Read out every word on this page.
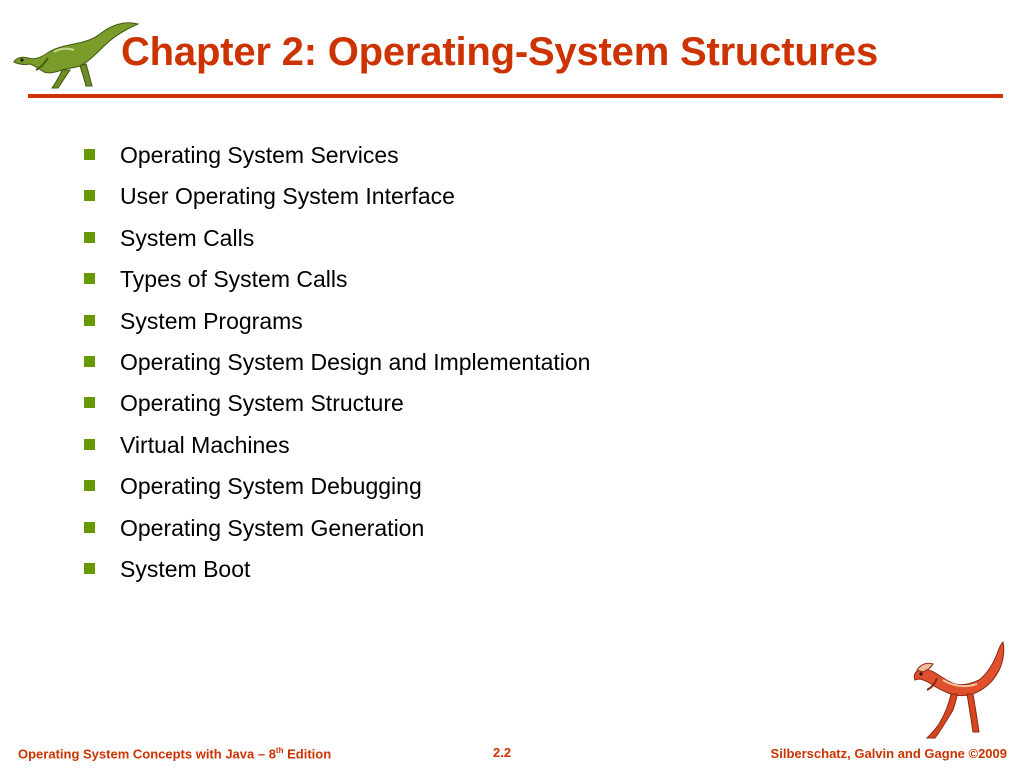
Chapter 2: Operating-System Structures
Operating System Services
User Operating System Interface
System Calls
Types of System Calls
System Programs
Operating System Design and Implementation
Operating System Structure
Virtual Machines
Operating System Debugging
Operating System Generation
System Boot
Operating System Concepts with Java – 8th Edition	2.2	Silberschatz, Galvin and Gagne ©2009
